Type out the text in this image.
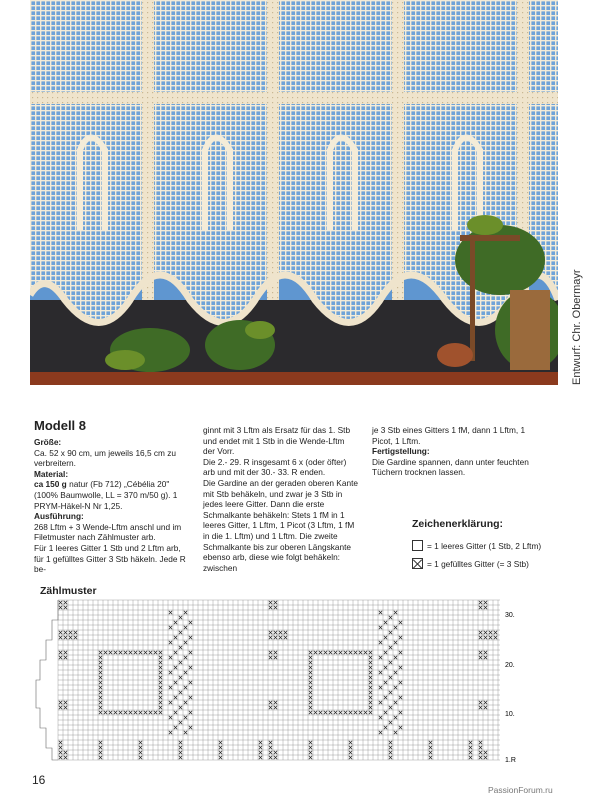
Entwurf: Chr. Obermayr
Modell 8

Größe:

Ca. 52 x 90 cm, um jeweils 16,5 cm zu verbreitern.

Material:

ca 150 g natur (Fb 712) „Cébélia 20" (100% Baumwolle, LL = 370 m/50 g). 1 PRYM-Häkel-N Nr 1,25.

Ausführung:

268 Lftm + 3 Wende-Lftm anschl und im Filetmuster nach Zählmuster arb.

Für 1 leeres Gitter 1 Stb und 2 Lftm arb, für 1 gefülltes Gitter 3 Stb häkeln. Jede R be-

ginnt mit 3 Lftm als Ersatz für das 1. Stb und endet mit 1 Stb in die Wende-Lftm der Vorr.

Die 2.- 29. R insgesamt 6 x (oder öfter) arb und mit der 30.- 33. R enden.

Die Gardine an der geraden oberen Kante mit Stb behäkeln, und zwar je 3 Stb in jedes leere Gitter. Dann die erste Schmalkante behäkeln: Stets 1 fM in 1 leeres Gitter, 1 Lftm, 1 Picot (3 Lftm, 1 fM in die 1. Lftm) und 1 Lftm. Die zweite Schmalkante bis zur oberen Längskante ebenso arb, diese wie folgt behäkeln: zwischen

je 3 Stb eines Gitters 1 fM, dann 1 Lftm, 1 Picot, 1 Lftm.

Fertigstellung:

Die Gardine spannen, dann unter feuchten Tüchern trocknen lassen.

Zeichenerklärung:
= 1 leeres Gitter (1 Stb, 2 Lftm)
= 1 gefülltes Gitter (= 3 Stb)
Zählmuster
30.
20.
10.
1.R

16

PassionForum.ru
